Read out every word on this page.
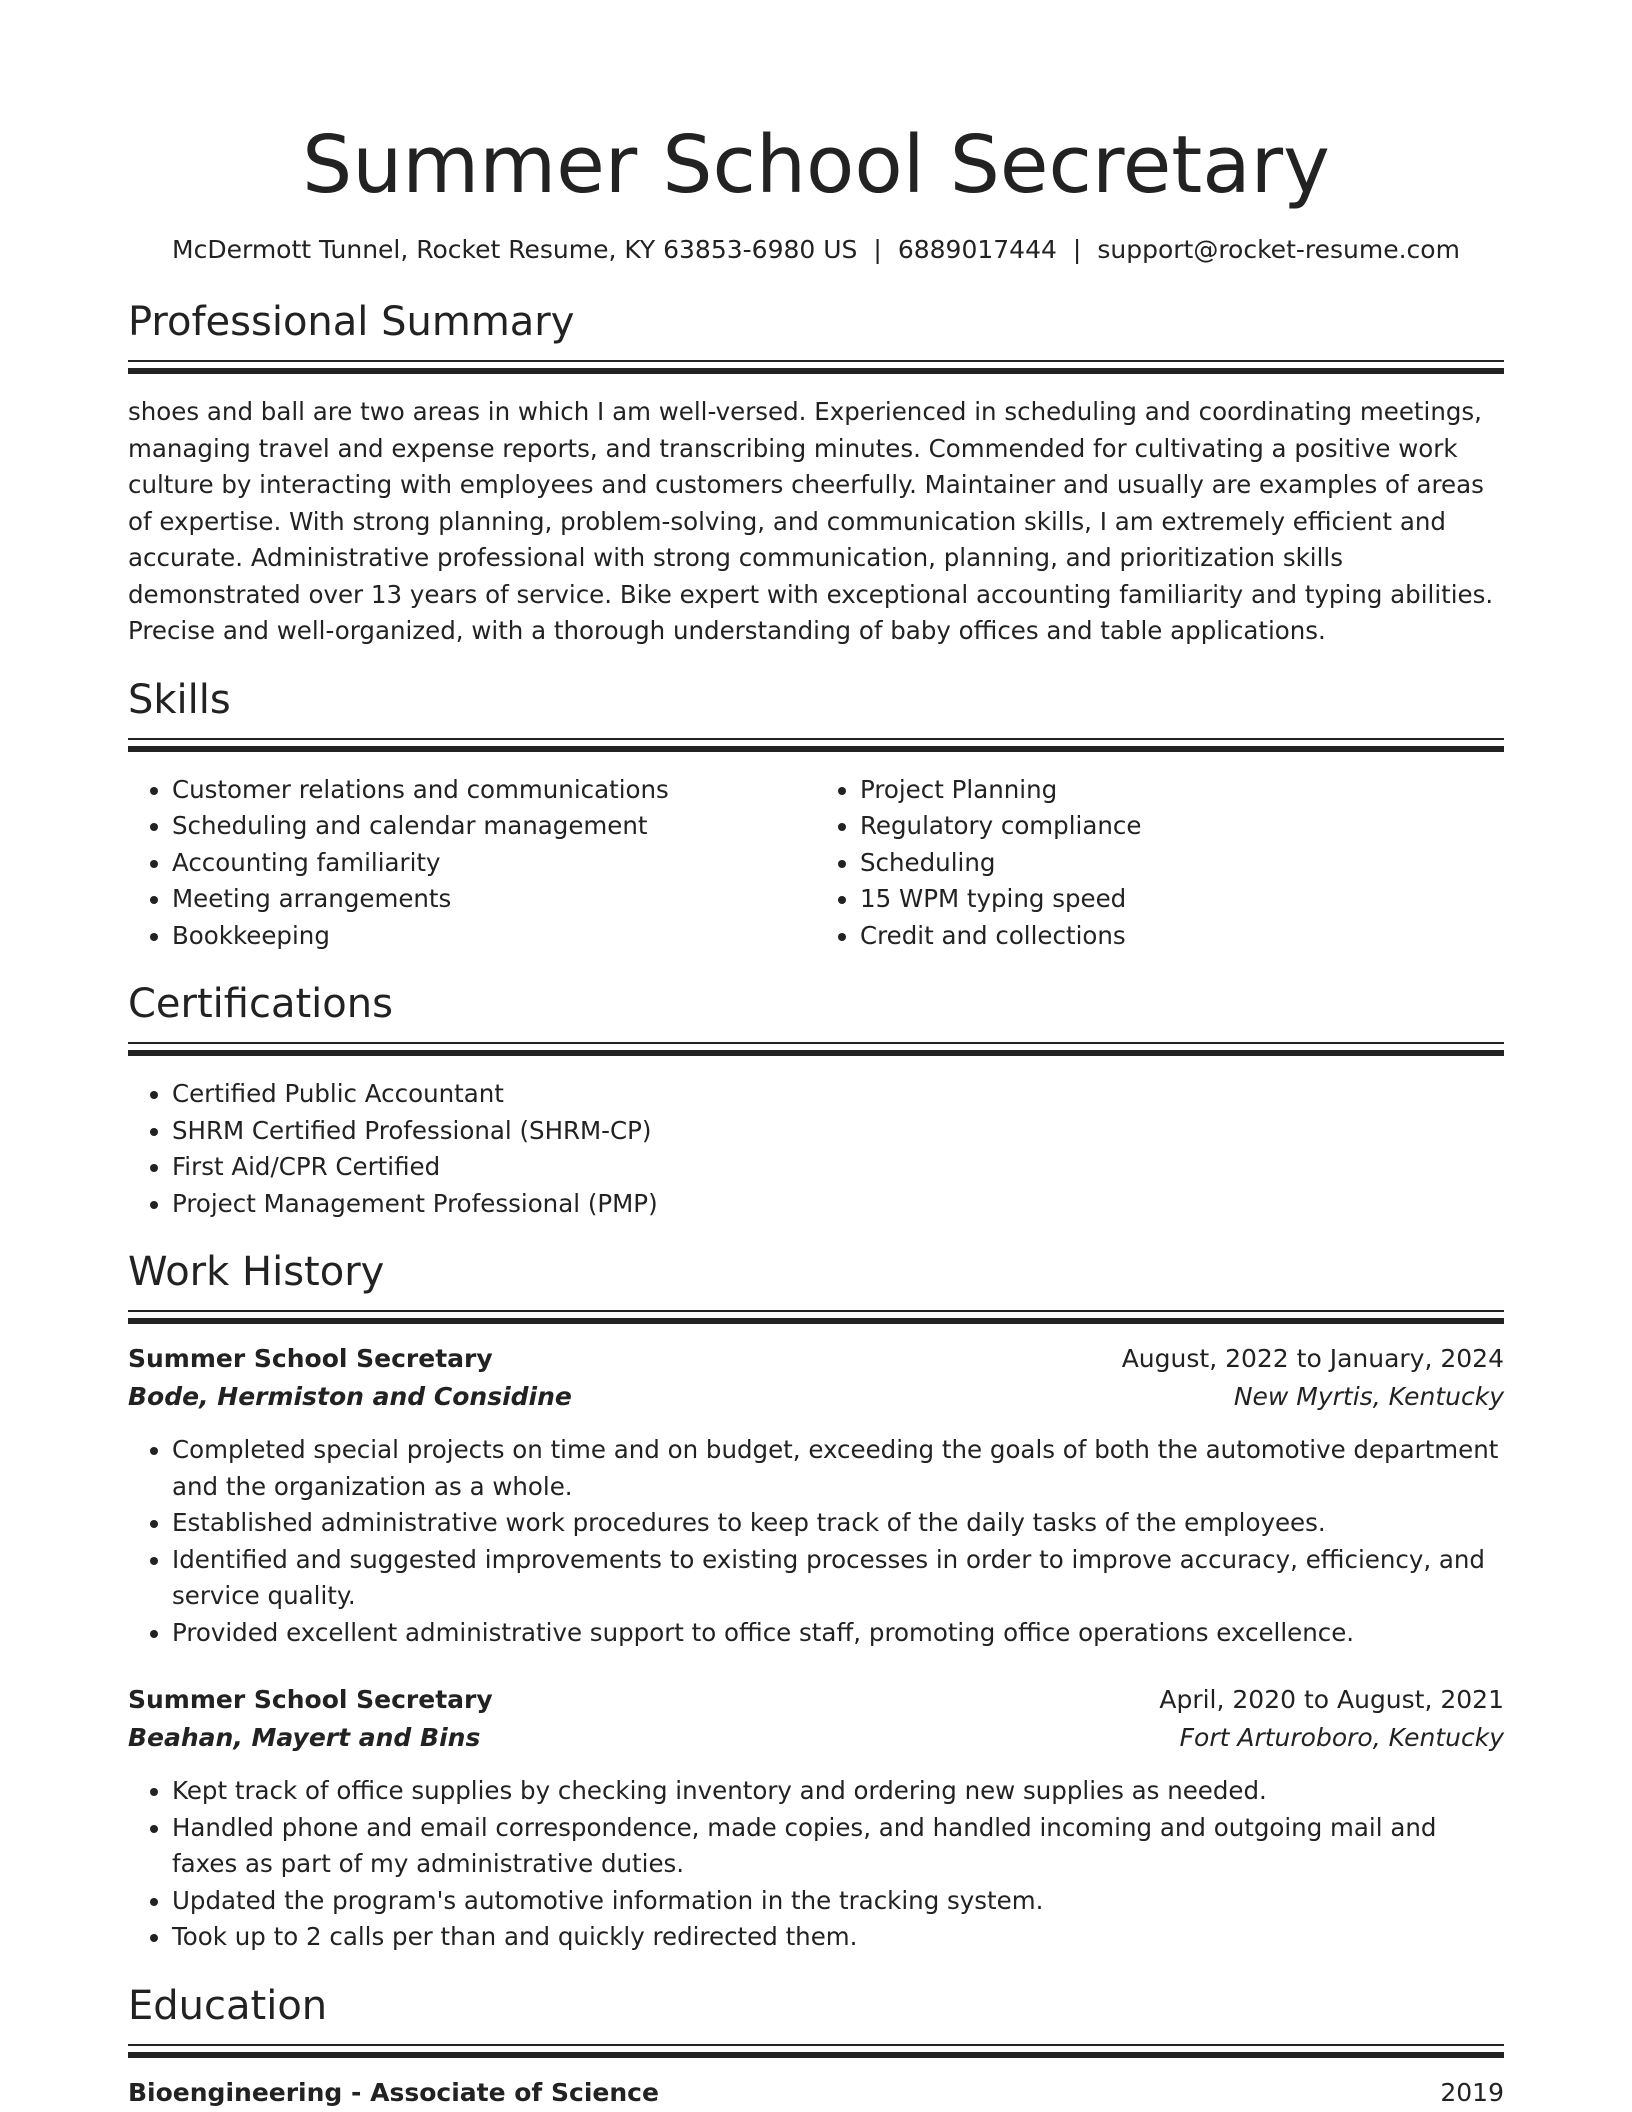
Summer School Secretary
McDermott Tunnel, Rocket Resume, KY 63853-6980 US | 6889017444 | support@rocket-resume.com
Professional Summary
shoes and ball are two areas in which I am well-versed. Experienced in scheduling and coordinating meetings, managing travel and expense reports, and transcribing minutes. Commended for cultivating a positive work culture by interacting with employees and customers cheerfully. Maintainer and usually are examples of areas of expertise. With strong planning, problem-solving, and communication skills, I am extremely efficient and accurate. Administrative professional with strong communication, planning, and prioritization skills demonstrated over 13 years of service. Bike expert with exceptional accounting familiarity and typing abilities. Precise and well-organized, with a thorough understanding of baby offices and table applications.
Skills
• Customer relations and communications
• Scheduling and calendar management
• Accounting familiarity
• Meeting arrangements
• Bookkeeping
• Project Planning
• Regulatory compliance
• Scheduling
• 15 WPM typing speed
• Credit and collections
Certifications
• Certified Public Accountant
• SHRM Certified Professional (SHRM-CP)
• First Aid/CPR Certified
• Project Management Professional (PMP)
Work History
Summer School Secretary	August, 2022 to January, 2024
Bode, Hermiston and Considine	New Myrtis, Kentucky
• Completed special projects on time and on budget, exceeding the goals of both the automotive department and the organization as a whole.
• Established administrative work procedures to keep track of the daily tasks of the employees.
• Identified and suggested improvements to existing processes in order to improve accuracy, efficiency, and service quality.
• Provided excellent administrative support to office staff, promoting office operations excellence.
Summer School Secretary	April, 2020 to August, 2021
Beahan, Mayert and Bins	Fort Arturoboro, Kentucky
• Kept track of office supplies by checking inventory and ordering new supplies as needed.
• Handled phone and email correspondence, made copies, and handled incoming and outgoing mail and faxes as part of my administrative duties.
• Updated the program's automotive information in the tracking system.
• Took up to 2 calls per than and quickly redirected them.
Education
Bioengineering - Associate of Science	2019
